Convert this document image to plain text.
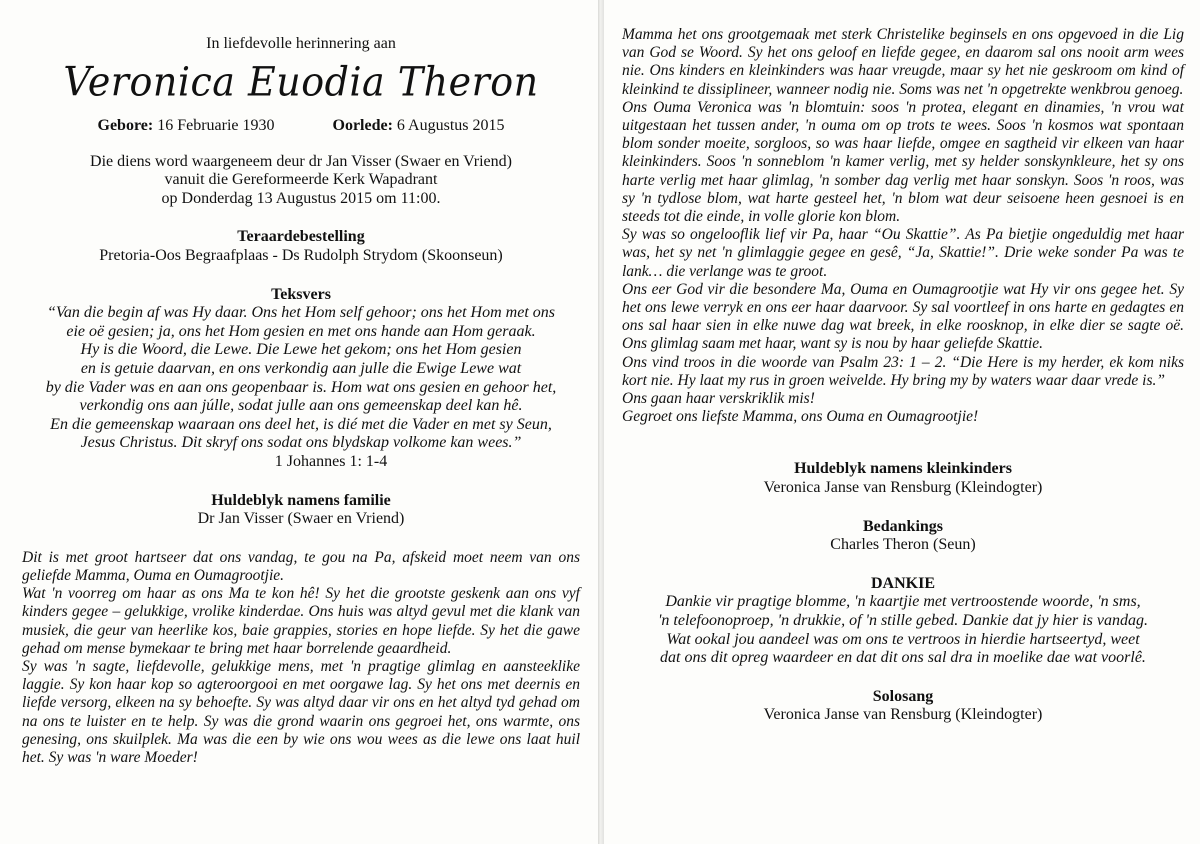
In liefdevolle herinnering aan
Veronica Euodia Theron
Gebore: 16 Februarie 1930	Oorlede: 6 Augustus 2015

Die diens word waargeneem deur dr Jan Visser (Swaer en Vriend)

vanuit die Gereformeerde Kerk Wapadrant

op Donderdag 13 Augustus 2015 om 11:00.

Teraardebestelling
Pretoria-Oos Begraafplaas - Ds Rudolph Strydom (Skoonseun)
Teksvers

“Van die begin af was Hy daar. Ons het Hom self gehoor; ons het Hom met ons

eie oë gesien; ja, ons het Hom gesien en met ons hande aan Hom geraak.

Hy is die Woord, die Lewe. Die Lewe het gekom; ons het Hom gesien

en is getuie daarvan, en ons verkondig aan julle die Ewige Lewe wat

by die Vader was en aan ons geopenbaar is. Hom wat ons gesien en gehoor het,

verkondig ons aan júlle, sodat julle aan ons gemeenskap deel kan hê.

En die gemeenskap waaraan ons deel het, is dié met die Vader en met sy Seun,

Jesus Christus. Dit skryf ons sodat ons blydskap volkome kan wees.”

1 Johannes 1: 1-4
Huldeblyk namens familie
Dr Jan Visser (Swaer en Vriend)

Dit is met groot hartseer dat ons vandag, te gou na Pa, afskeid moet neem van ons geliefde Mamma, Ouma en Oumagrootjie.

Wat 'n voorreg om haar as ons Ma te kon hê! Sy het die grootste geskenk aan ons vyf kinders gegee – gelukkige, vrolike kinderdae. Ons huis was altyd gevul met die klank van musiek, die geur van heerlike kos, baie grappies, stories en hope liefde. Sy het die gawe gehad om mense bymekaar te bring met haar borrelende geaardheid.

Sy was 'n sagte, liefdevolle, gelukkige mens, met 'n pragtige glimlag en aansteeklike laggie. Sy kon haar kop so agteroorgooi en met oorgawe lag. Sy het ons met deernis en liefde versorg, elkeen na sy behoefte. Sy was altyd daar vir ons en het altyd tyd gehad om na ons te luister en te help. Sy was die grond waarin ons gegroei het, ons warmte, ons genesing, ons skuilplek. Ma was die een by wie ons wou wees as die lewe ons laat huil het. Sy was 'n ware Moeder!

Mamma het ons grootgemaak met sterk Christelike beginsels en ons opgevoed in die Lig van God se Woord. Sy het ons geloof en liefde gegee, en daarom sal ons nooit arm wees nie. Ons kinders en kleinkinders was haar vreugde, maar sy het nie geskroom om kind of kleinkind te dissiplineer, wanneer nodig nie. Soms was net 'n opgetrekte wenkbrou genoeg.

Ons Ouma Veronica was 'n blomtuin: soos 'n protea, elegant en dinamies, 'n vrou wat uitgestaan het tussen ander, 'n ouma om op trots te wees. Soos 'n kosmos wat spontaan blom sonder moeite, sorgloos, so was haar liefde, omgee en sagtheid vir elkeen van haar kleinkinders. Soos 'n sonneblom 'n kamer verlig, met sy helder sonskynkleure, het sy ons harte verlig met haar glimlag, 'n somber dag verlig met haar sonskyn. Soos 'n roos, was sy 'n tydlose blom, wat harte gesteel het, 'n blom wat deur seisoene heen gesnoei is en steeds tot die einde, in volle glorie kon blom.

Sy was so ongelooflik lief vir Pa, haar “Ou Skattie”. As Pa bietjie ongeduldig met haar was, het sy net 'n glimlaggie gegee en gesê, “Ja, Skattie!”. Drie weke sonder Pa was te lank… die verlange was te groot.

Ons eer God vir die besondere Ma, Ouma en Oumagrootjie wat Hy vir ons gegee het. Sy het ons lewe verryk en ons eer haar daarvoor. Sy sal voortleef in ons harte en gedagtes en ons sal haar sien in elke nuwe dag wat breek, in elke roosknop, in elke dier se sagte oë. Ons glimlag saam met haar, want sy is nou by haar geliefde Skattie.

Ons vind troos in die woorde van Psalm 23: 1 – 2. “Die Here is my herder, ek kom niks kort nie. Hy laat my rus in groen weivelde. Hy bring my by waters waar daar vrede is.”

Ons gaan haar verskriklik mis!

Gegroet ons liefste Mamma, ons Ouma en Oumagrootjie!

Huldeblyk namens kleinkinders
Veronica Janse van Rensburg (Kleindogter)
Bedankings
Charles Theron (Seun)
DANKIE

Dankie vir pragtige blomme, 'n kaartjie met vertroostende woorde, 'n sms,

'n telefoonoproep, 'n drukkie, of 'n stille gebed. Dankie dat jy hier is vandag.

Wat ookal jou aandeel was om ons te vertroos in hierdie hartseertyd, weet

dat ons dit opreg waardeer en dat dit ons sal dra in moelike dae wat voorlê.

Solosang
Veronica Janse van Rensburg (Kleindogter)
